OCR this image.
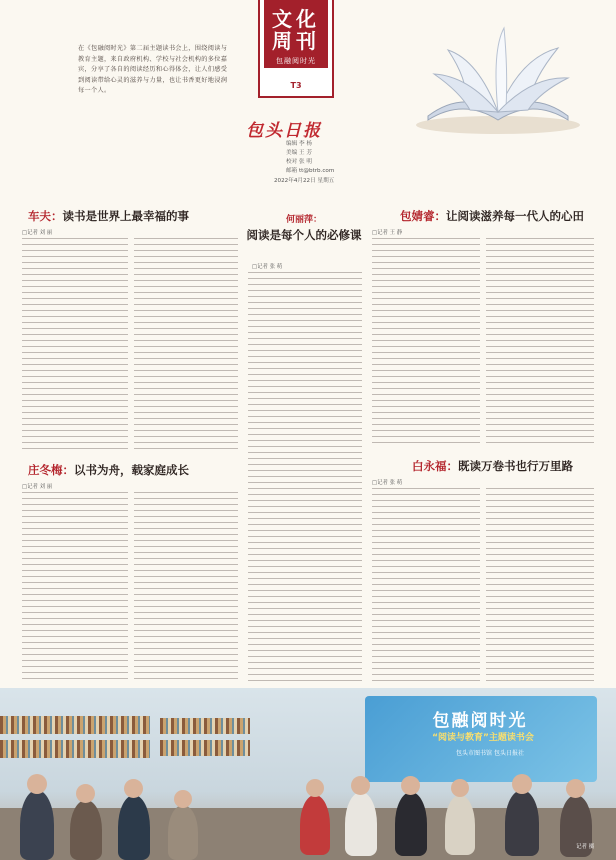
在《包融阅时光》第二届主题读书会上，围绕阅读与教育主题，来自政府机构、学校与社会机构的多位嘉宾，分享了各自的阅读经历和心得体会，让人们感受到阅读带给心灵的滋养与力量，也让书香更好地浸润每一个人。
文化
周刊
包融阅时光
T3
包头日报
编辑 李 杨
美编 王 芳
校对 张 明
邮箱 tt@btrb.com
2022年4月22日 星期五
车夫：读书是世界上最幸福的事
□记者 刘 丽
何丽萍：
阅读是每个人的必修课
□记者 张 萌
包婧睿：让阅读滋养每一代人的心田
□记者 王 静
庄冬梅：以书为舟，载家庭成长
□记者 刘 丽
白永福：既读万卷书也行万里路
□记者 张 萌
包融阅时光
“阅读与教育”主题读书会
包头市图书馆 包头日报社
记者 摄
